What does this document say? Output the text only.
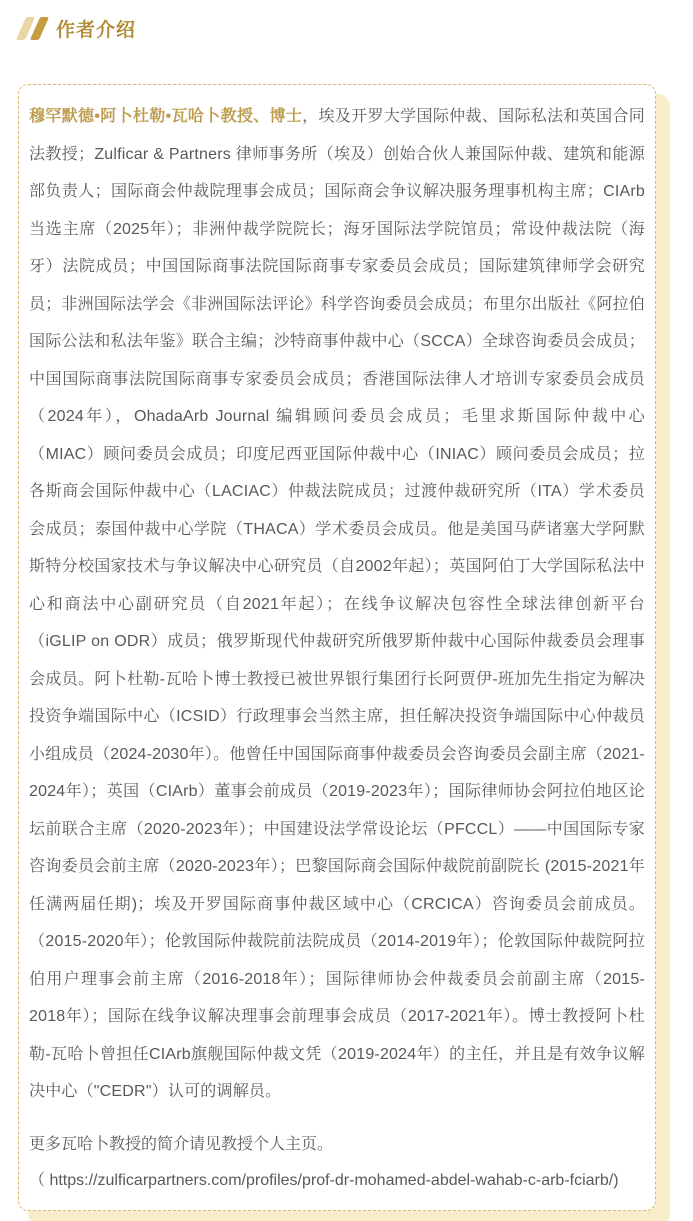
作者介绍

穆罕默德•阿卜杜勒•瓦哈卜教授、博士，埃及开罗大学国际仲裁、国际私法和英国合同法教授；Zulficar & Partners 律师事务所（埃及）创始合伙人兼国际仲裁、建筑和能源部负责人；国际商会仲裁院理事会成员；国际商会争议解决服务理事机构主席；CIArb 当选主席（2025年）；非洲仲裁学院院长；海牙国际法学院馆员；常设仲裁法院（海牙）法院成员；中国国际商事法院国际商事专家委员会成员；国际建筑律师学会研究员；非洲国际法学会《非洲国际法评论》科学咨询委员会成员；布里尔出版社《阿拉伯国际公法和私法年鉴》联合主编；沙特商事仲裁中心（SCCA）全球咨询委员会成员；中国国际商事法院国际商事专家委员会成员；香港国际法律人才培训专家委员会成员（2024年），OhadaArb Journal 编辑顾问委员会成员；毛里求斯国际仲裁中心（MIAC）顾问委员会成员；印度尼西亚国际仲裁中心（INIAC）顾问委员会成员；拉各斯商会国际仲裁中心（LACIAC）仲裁法院成员；过渡仲裁研究所（ITA）学术委员会成员；泰国仲裁中心学院（THACA）学术委员会成员。他是美国马萨诸塞大学阿默斯特分校国家技术与争议解决中心研究员（自2002年起）；英国阿伯丁大学国际私法中心和商法中心副研究员（自2021年起）；在线争议解决包容性全球法律创新平台（iGLIP on ODR）成员；俄罗斯现代仲裁研究所俄罗斯仲裁中心国际仲裁委员会理事会成员。阿卜杜勒-瓦哈卜博士教授已被世界银行集团行长阿贾伊-班加先生指定为解决投资争端国际中心（ICSID）行政理事会当然主席，担任解决投资争端国际中心仲裁员小组成员（2024-2030年）。他曾任中国国际商事仲裁委员会咨询委员会副主席（2021-2024年）；英国（CIArb）董事会前成员（2019-2023年）；国际律师协会阿拉伯地区论坛前联合主席（2020-2023年）；中国建设法学常设论坛（PFCCL）——中国国际专家咨询委员会前主席（2020-2023年）；巴黎国际商会国际仲裁院前副院长 (2015-2021年任满两届任期)；埃及开罗国际商事仲裁区域中心（CRCICA）咨询委员会前成员。（2015-2020年）；伦敦国际仲裁院前法院成员（2014-2019年）；伦敦国际仲裁院阿拉伯用户理事会前主席（2016-2018年）；国际律师协会仲裁委员会前副主席（2015-2018年）；国际在线争议解决理事会前理事会成员（2017-2021年）。博士教授阿卜杜勒-瓦哈卜曾担任CIArb旗舰国际仲裁文凭（2019-2024年）的主任，并且是有效争议解决中心（"CEDR"）认可的调解员。

更多瓦哈卜教授的简介请见教授个人主页。

（ https://zulficarpartners.com/profiles/prof-dr-mohamed-abdel-wahab-c-arb-fciarb/)
